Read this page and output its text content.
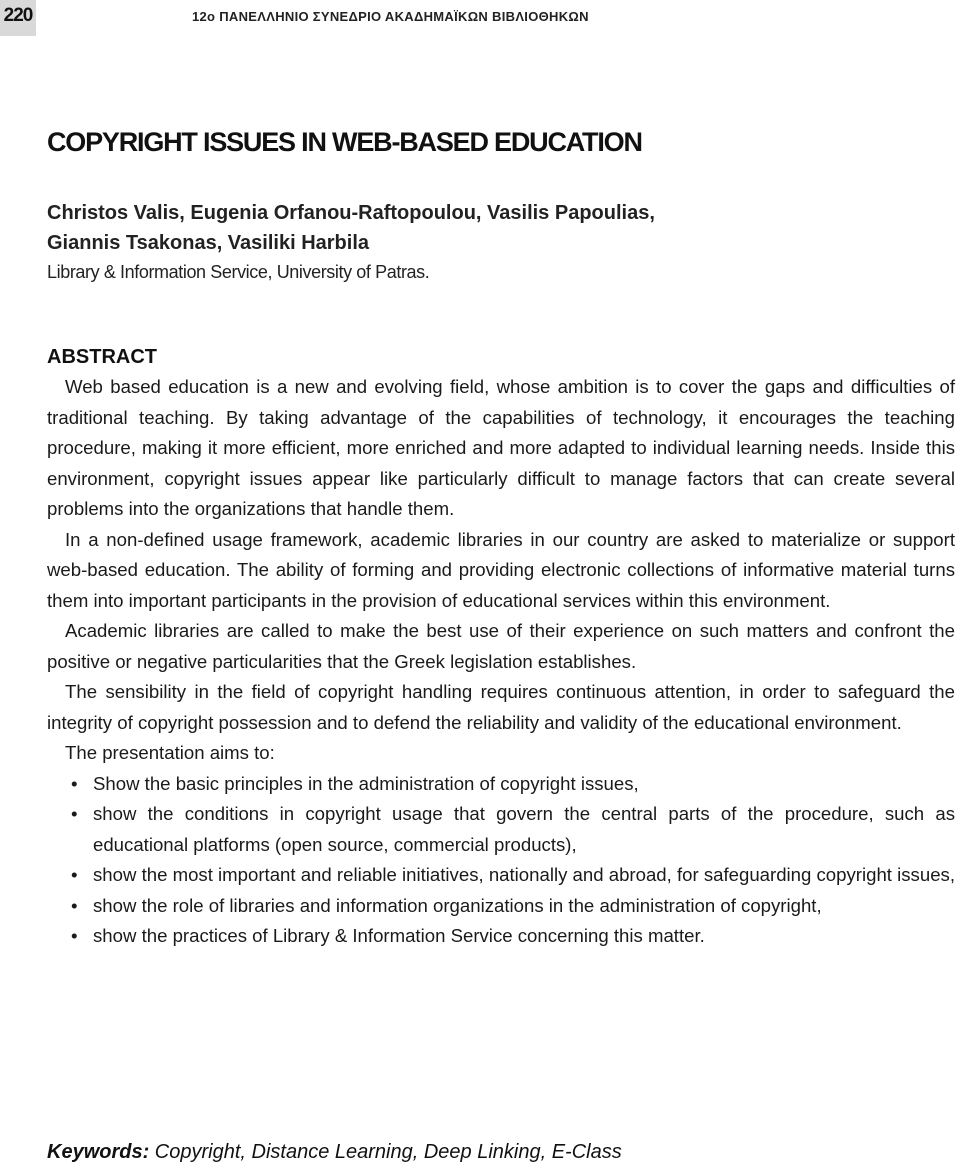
220	12o ΠΑΝΕΛΛΗΝΙΟ ΣΥΝΕΔΡΙΟ ΑΚΑΔΗΜΑΪΚΩΝ ΒΙΒΛΙΟΘΗΚΩΝ
COPYRIGHT ISSUES IN WEB-BASED EDUCATION
Christos Valis, Eugenia Orfanou-Raftopoulou, Vasilis Papoulias,
Giannis Tsakonas, Vasiliki Harbila
Library & Information Service, University of Patras.
ABSTRACT

Web based education is a new and evolving field, whose ambition is to cover the gaps and difficulties of traditional teaching. By taking advantage of the capabilities of technology, it encourages the teaching procedure, making it more efficient, more enriched and more adapted to individual learning needs. Inside this environment, copyright issues appear like particularly difficult to manage factors that can create several problems into the organizations that handle them.

In a non-defined usage framework, academic libraries in our country are asked to materialize or support web-based education. The ability of forming and providing electronic collections of informative material turns them into important participants in the provision of educational services within this environment.

Academic libraries are called to make the best use of their experience on such matters and confront the positive or negative particularities that the Greek legislation establishes.

The sensibility in the field of copyright handling requires continuous attention, in order to safeguard the integrity of copyright possession and to defend the reliability and validity of the educational environment.

The presentation aims to:

• Show the basic principles in the administration of copyright issues,
• show the conditions in copyright usage that govern the central parts of the procedure, such as educational platforms (open source, commercial products),
• show the most important and reliable initiatives, nationally and abroad, for safeguarding copyright issues,
• show the role of libraries and information organizations in the administration of copyright,
• show the practices of Library & Information Service concerning this matter.
Keywords: Copyright, Distance Learning, Deep Linking, E-Class
